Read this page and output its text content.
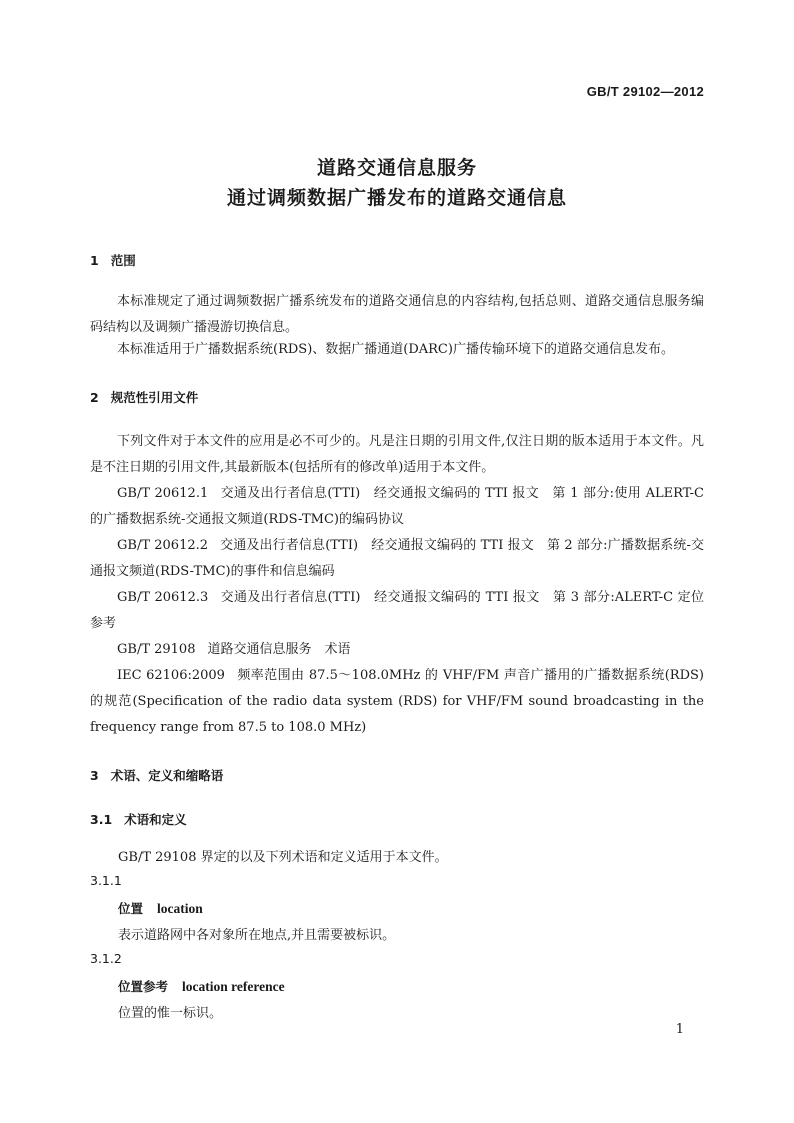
GB/T 29102—2012
道路交通信息服务
通过调频数据广播发布的道路交通信息
1 范围
本标准规定了通过调频数据广播系统发布的道路交通信息的内容结构,包括总则、道路交通信息服务编码结构以及调频广播漫游切换信息。
本标准适用于广播数据系统(RDS)、数据广播通道(DARC)广播传输环境下的道路交通信息发布。
2 规范性引用文件
下列文件对于本文件的应用是必不可少的。凡是注日期的引用文件,仅注日期的版本适用于本文件。凡是不注日期的引用文件,其最新版本(包括所有的修改单)适用于本文件。
GB/T 20612.1 交通及出行者信息(TTI)　经交通报文编码的 TTI 报文　第 1 部分:使用 ALERT-C的广播数据系统-交通报文频道(RDS-TMC)的编码协议
GB/T 20612.2 交通及出行者信息(TTI)　经交通报文编码的 TTI 报文　第 2 部分:广播数据系统-交通报文频道(RDS-TMC)的事件和信息编码
GB/T 20612.3 交通及出行者信息(TTI)　经交通报文编码的 TTI 报文　第 3 部分:ALERT-C 定位参考
GB/T 29108 道路交通信息服务　术语
IEC 62106:2009 频率范围由 87.5～108.0MHz 的 VHF/FM 声音广播用的广播数据系统(RDS)的规范(Specification of the radio data system (RDS) for VHF/FM sound broadcasting in the frequency range from 87.5 to 108.0 MHz)
3 术语、定义和缩略语
3.1 术语和定义
GB/T 29108 界定的以及下列术语和定义适用于本文件。
3.1.1
位置 location
表示道路网中各对象所在地点,并且需要被标识。
3.1.2
位置参考 location reference
位置的惟一标识。
1
